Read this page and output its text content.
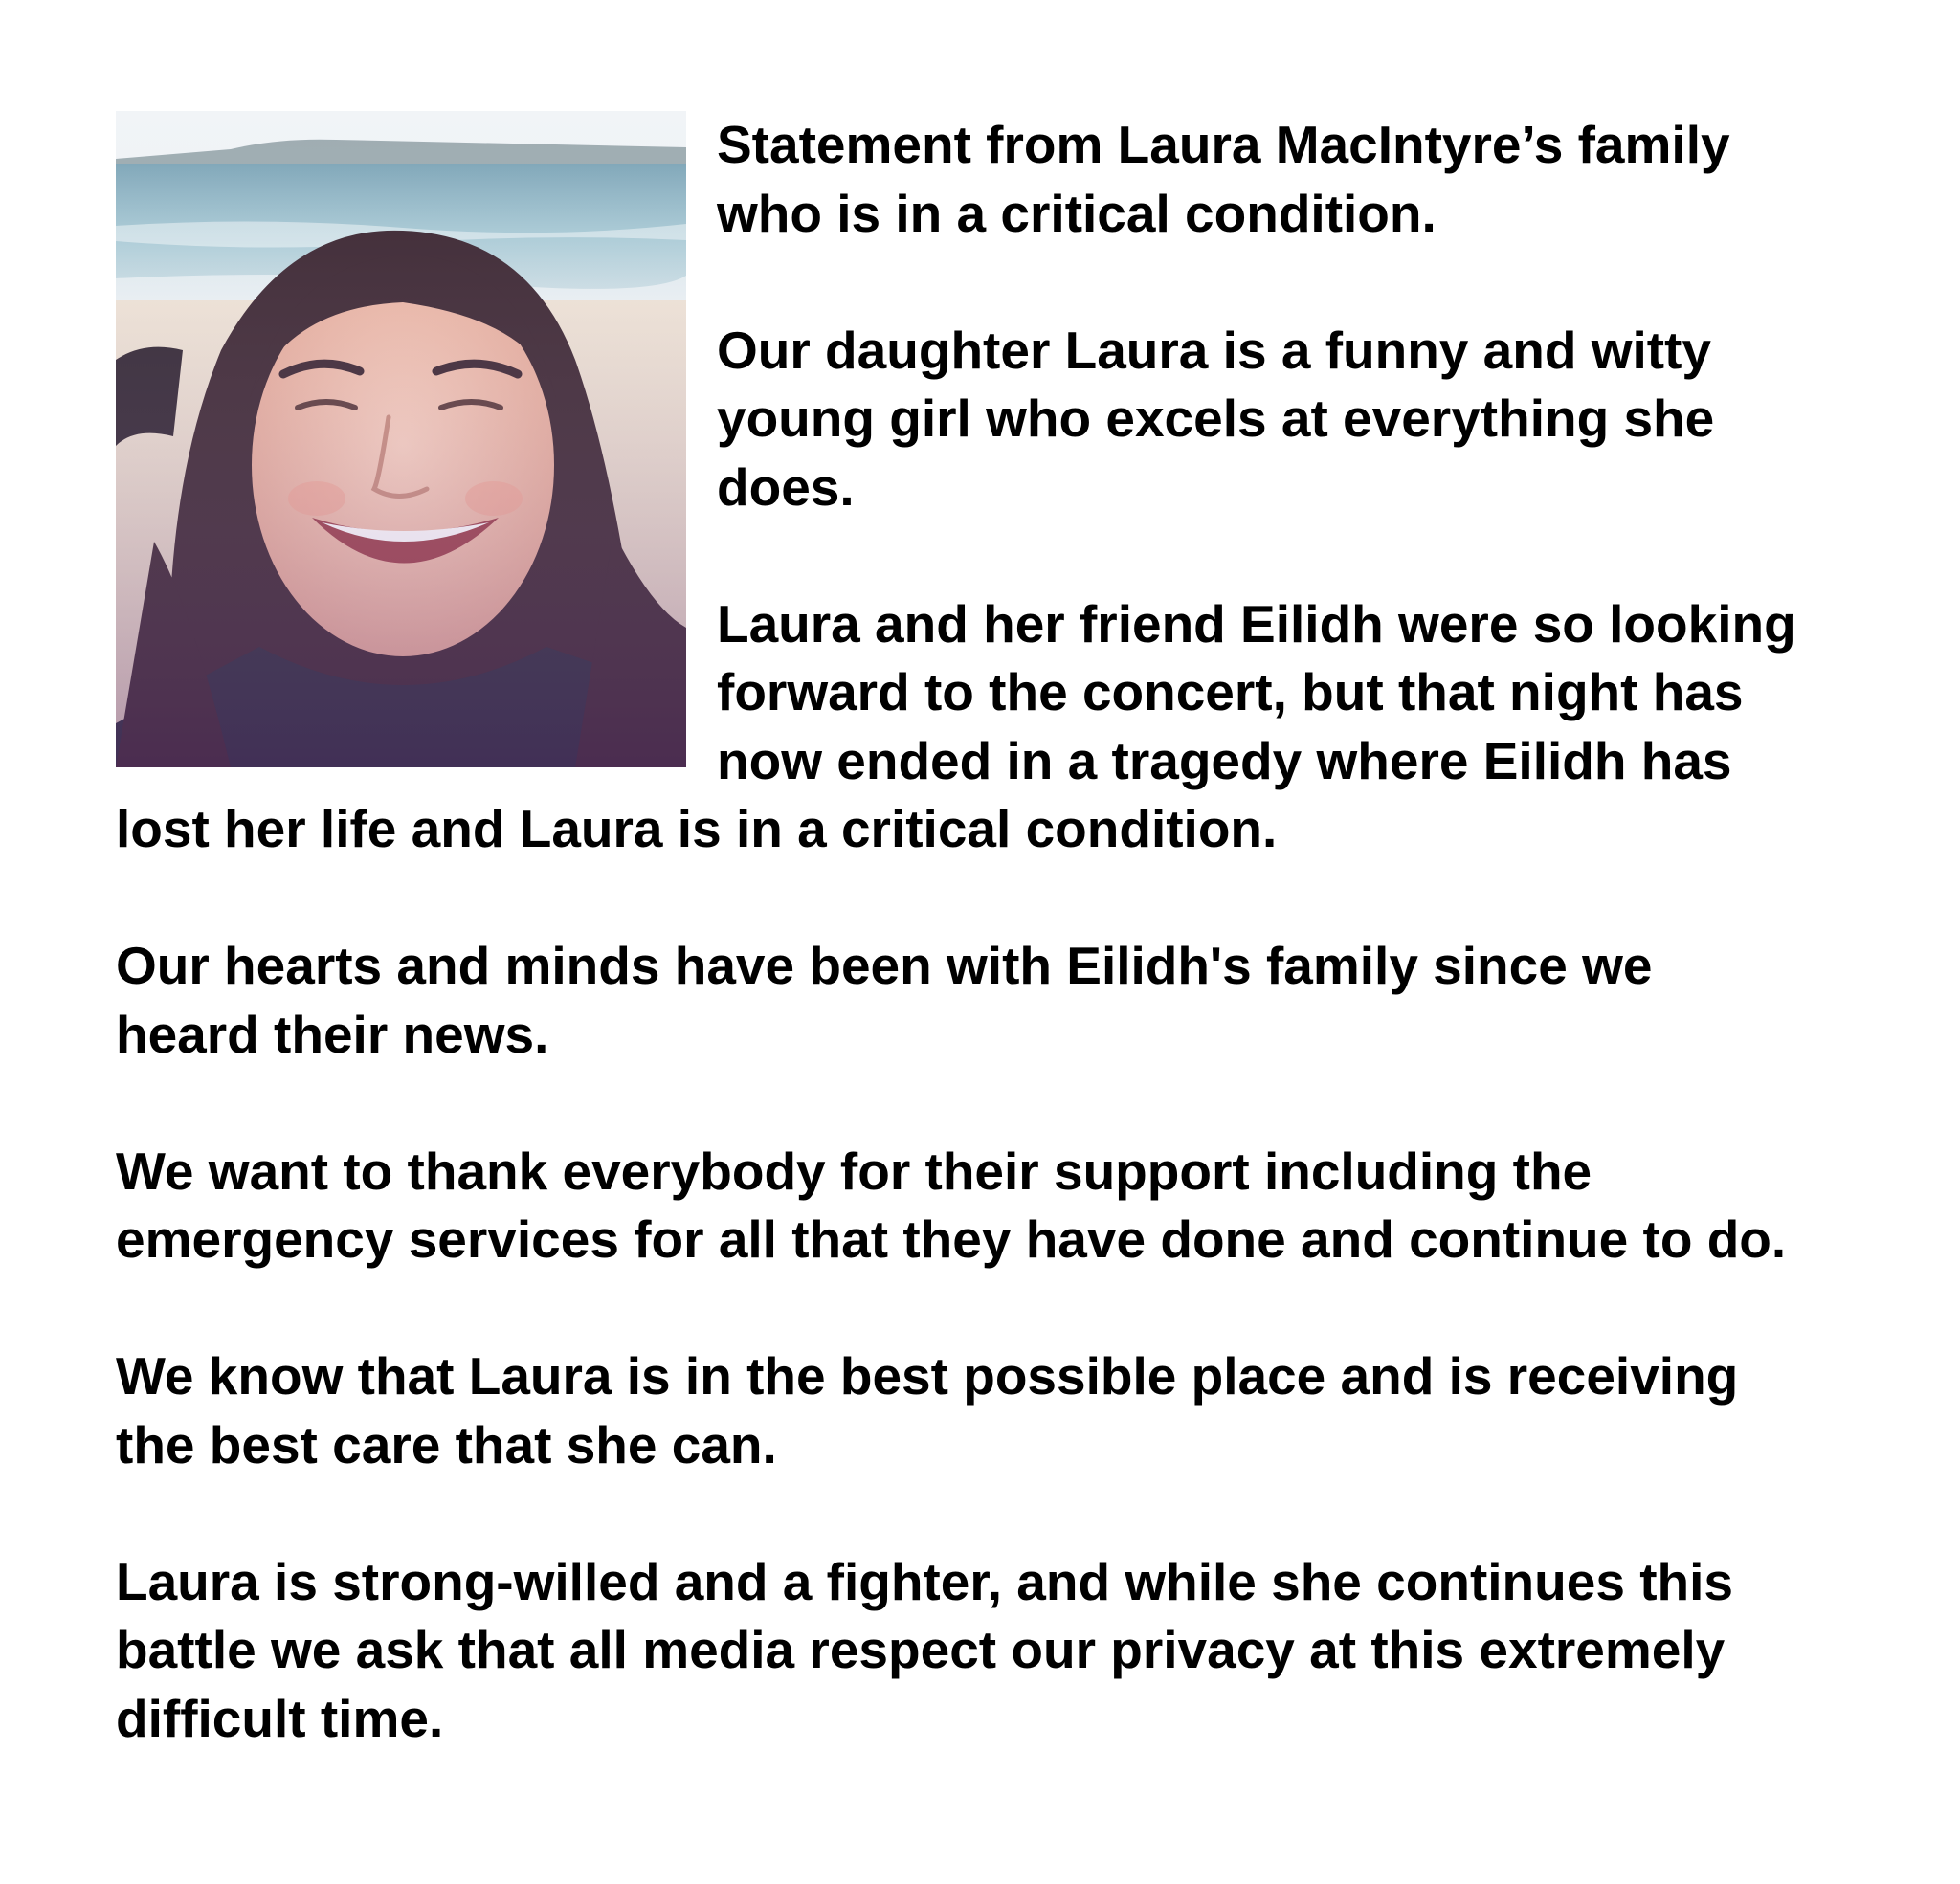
Statement from Laura MacIntyre’s family
who is in a critical condition.
Our daughter Laura is a funny and witty
young girl who excels at everything she
does.
Laura and her friend Eilidh were so looking
forward to the concert, but that night has
now ended in a tragedy where Eilidh has
lost her life and Laura is in a critical condition.
Our hearts and minds have been with Eilidh's family since we
heard their news.
We want to thank everybody for their support including the
emergency services for all that they have done and continue to do.
We know that Laura is in the best possible place and is receiving
the best care that she can.
Laura is strong-willed and a fighter, and while she continues this
battle we ask that all media respect our privacy at this extremely
difficult time.
